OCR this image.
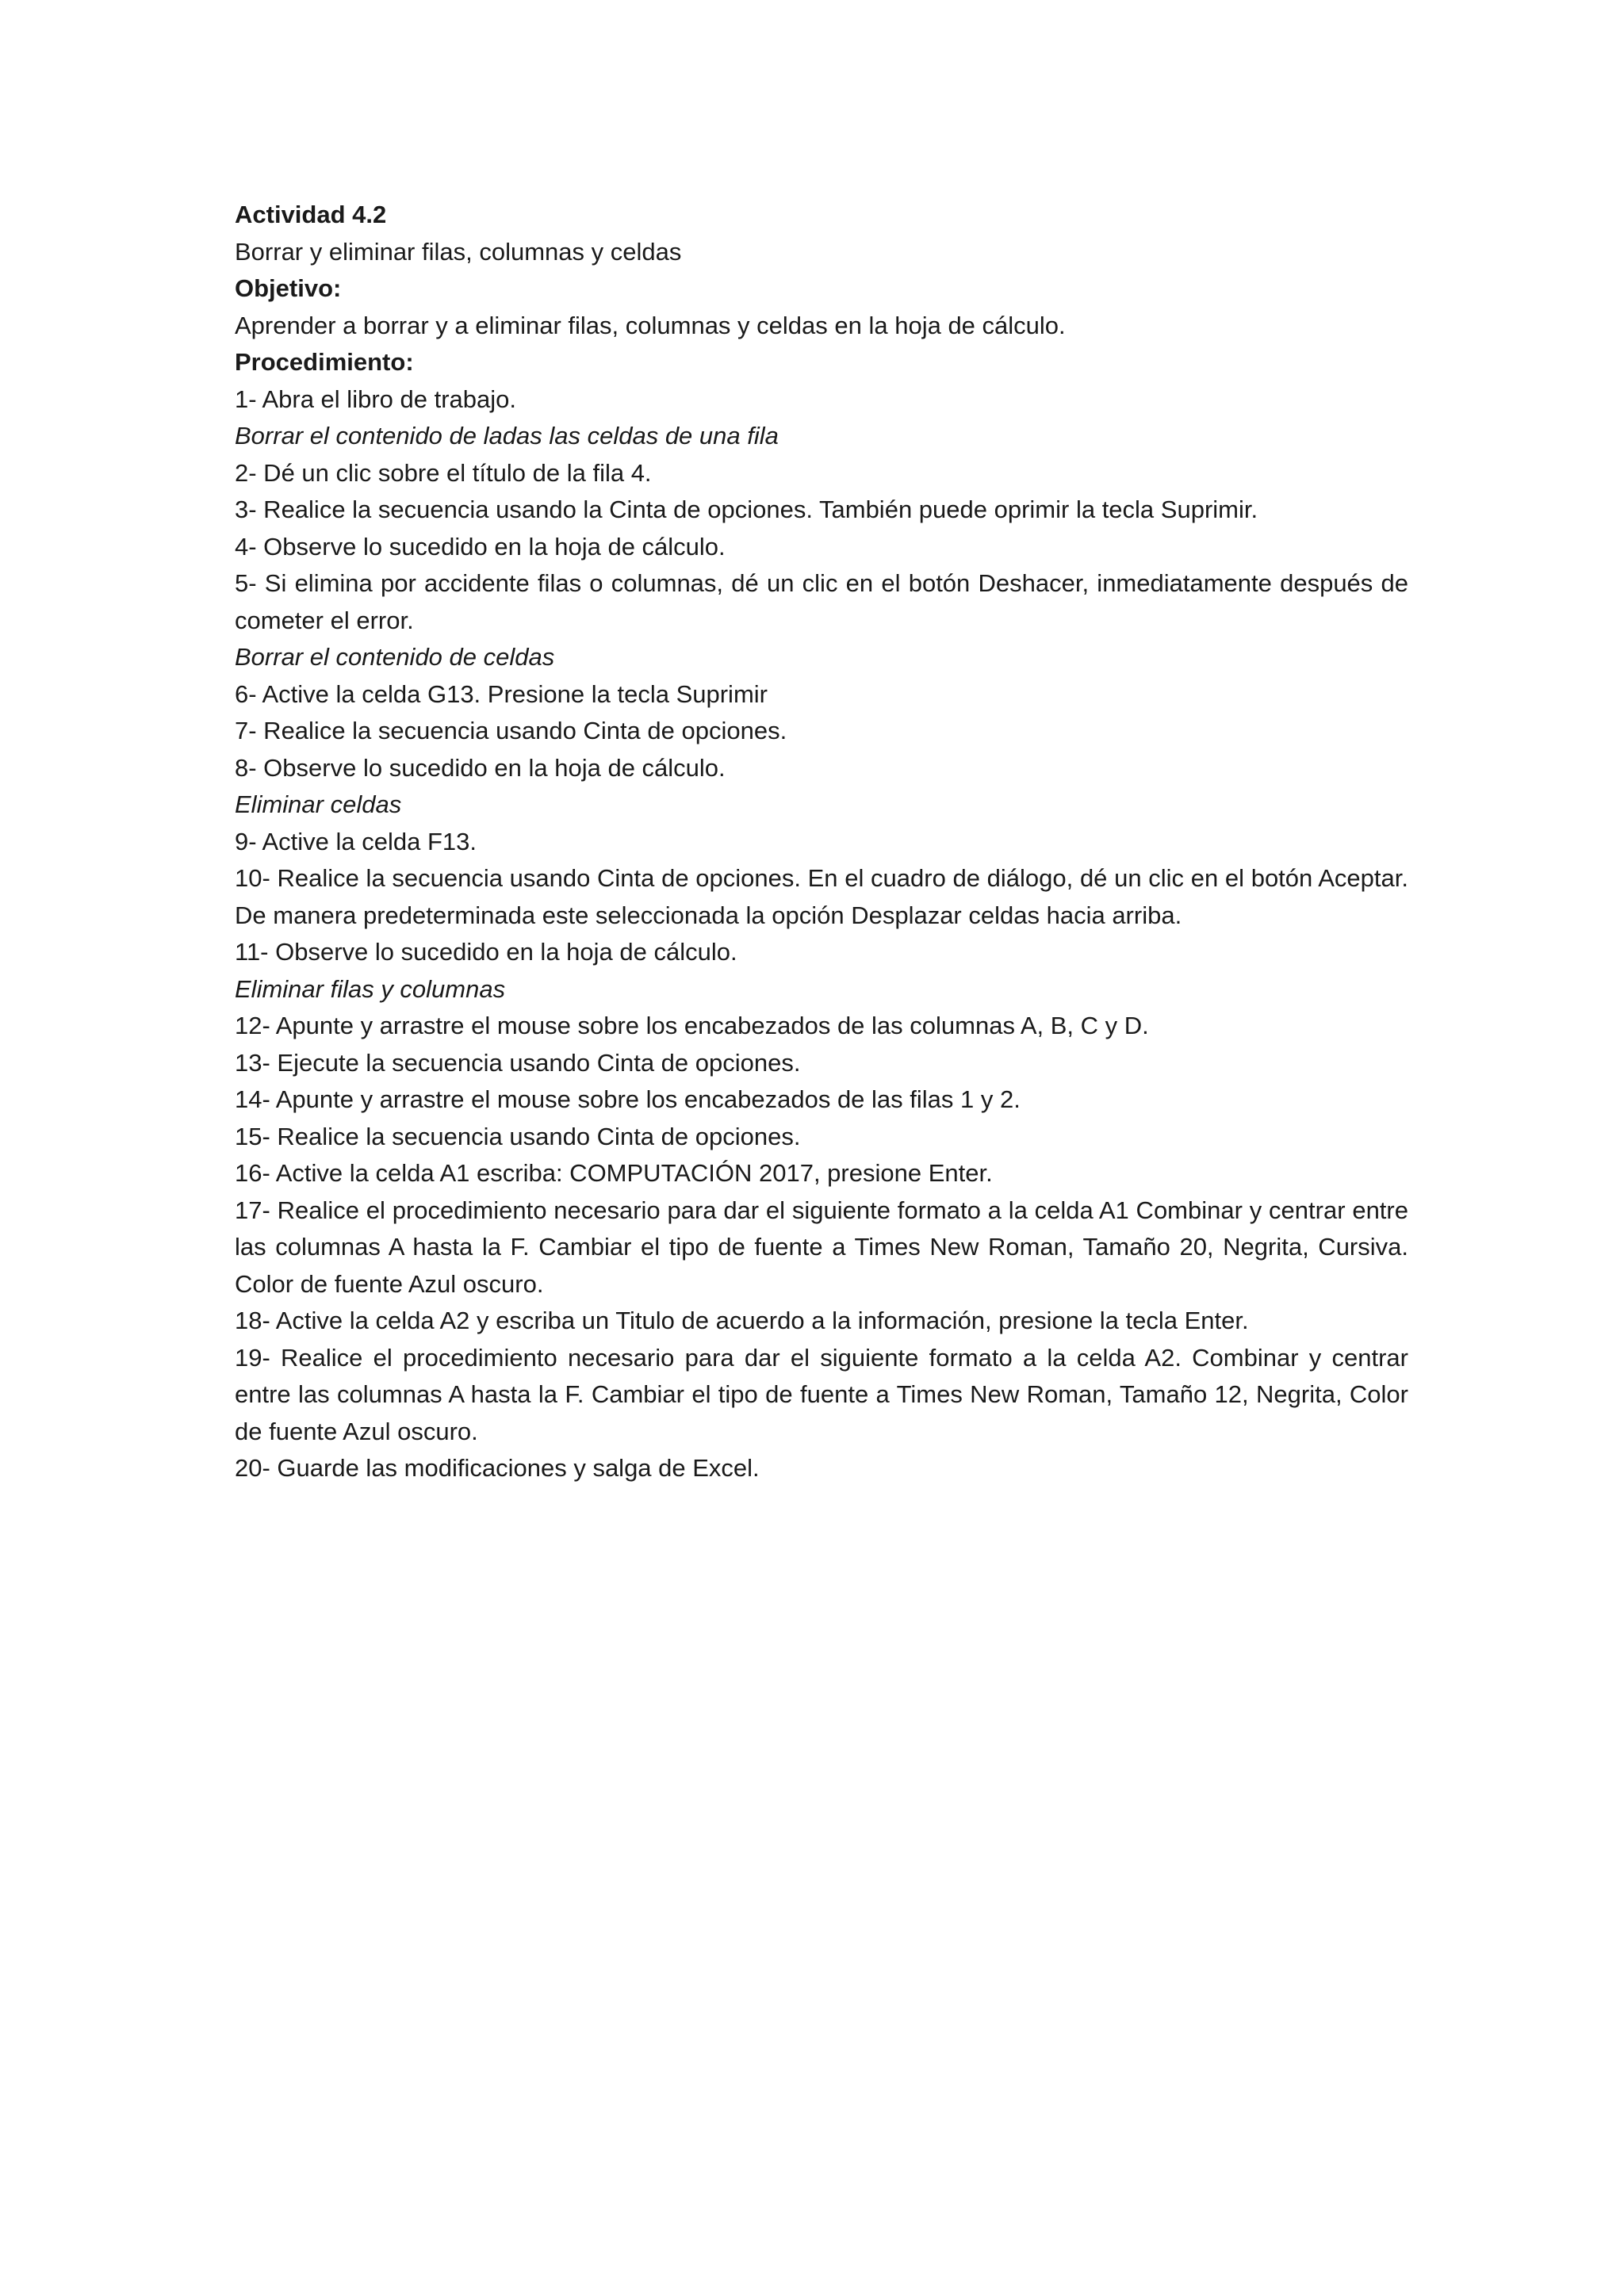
Actividad 4.2
Borrar y eliminar filas, columnas y celdas
Objetivo:
Aprender a borrar y a eliminar filas, columnas y celdas en la hoja de cálculo.
Procedimiento:
1- Abra el libro de trabajo.
Borrar el contenido de ladas las celdas de una fila
2- Dé un clic sobre el título de la fila 4.
3- Realice la secuencia usando la Cinta de opciones. También puede oprimir la tecla Suprimir.
4- Observe lo sucedido en la hoja de cálculo.
5- Si elimina por accidente filas o columnas, dé un clic en el botón Deshacer, inmediatamente después de cometer el error.
Borrar el contenido de celdas
6- Active la celda G13. Presione la tecla Suprimir
7- Realice la secuencia usando Cinta de opciones.
8- Observe lo sucedido en la hoja de cálculo.
Eliminar celdas
9- Active la celda F13.
10- Realice la secuencia usando Cinta de opciones. En el cuadro de diálogo, dé un clic en el botón Aceptar. De manera predeterminada este seleccionada la opción Desplazar celdas hacia arriba.
11- Observe lo sucedido en la hoja de cálculo.
Eliminar filas y columnas
12- Apunte y arrastre el mouse sobre los encabezados de las columnas A, B, C y D.
13- Ejecute la secuencia usando Cinta de opciones.
14- Apunte y arrastre el mouse sobre los encabezados de las filas 1 y 2.
15- Realice la secuencia usando Cinta de opciones.
16- Active la celda A1 escriba: COMPUTACIÓN 2017, presione Enter.
17- Realice el procedimiento necesario para dar el siguiente formato a la celda A1 Combinar y centrar entre las columnas A hasta la F. Cambiar el tipo de fuente a Times New Roman, Tamaño 20, Negrita, Cursiva. Color de fuente Azul oscuro.
18- Active la celda A2 y escriba un Titulo de acuerdo a la información, presione la tecla Enter.
19- Realice el procedimiento necesario para dar el siguiente formato a la celda A2. Combinar y centrar entre las columnas A hasta la F. Cambiar el tipo de fuente a Times New Roman, Tamaño 12, Negrita, Color de fuente Azul oscuro.
20- Guarde las modificaciones y salga de Excel.
